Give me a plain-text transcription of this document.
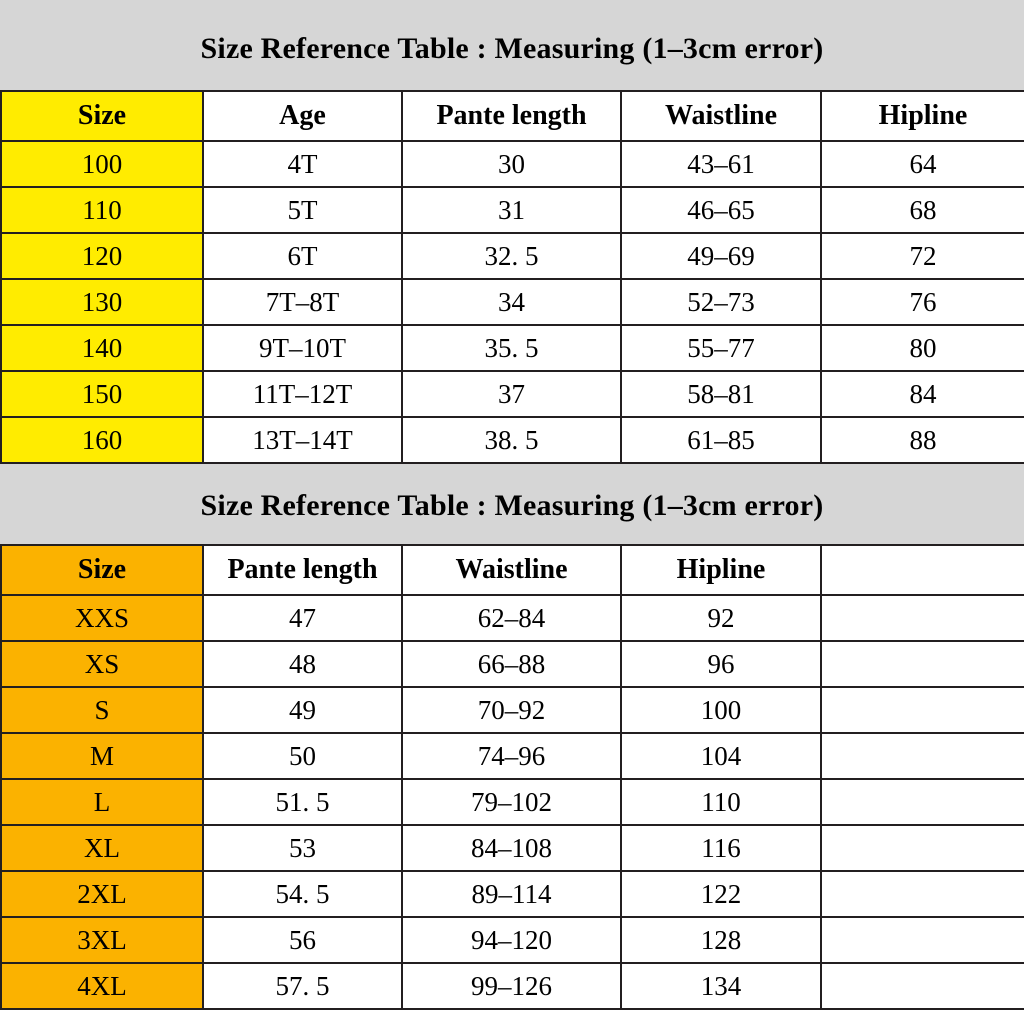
Size Reference Table : Measuring (1–3cm error)
Size	Age	Pante length	Waistline	Hipline
100	4T	30	43–61	64
110	5T	31	46–65	68
120	6T	32. 5	49–69	72
130	7T–8T	34	52–73	76
140	9T–10T	35. 5	55–77	80
150	11T–12T	37	58–81	84
160	13T–14T	38. 5	61–85	88
Size Reference Table : Measuring (1–3cm error)
Size	Pante length	Waistline	Hipline	
XXS	47	62–84	92	
XS	48	66–88	96	
S	49	70–92	100	
M	50	74–96	104	
L	51. 5	79–102	110	
XL	53	84–108	116	
2XL	54. 5	89–114	122	
3XL	56	94–120	128	
4XL	57. 5	99–126	134	
